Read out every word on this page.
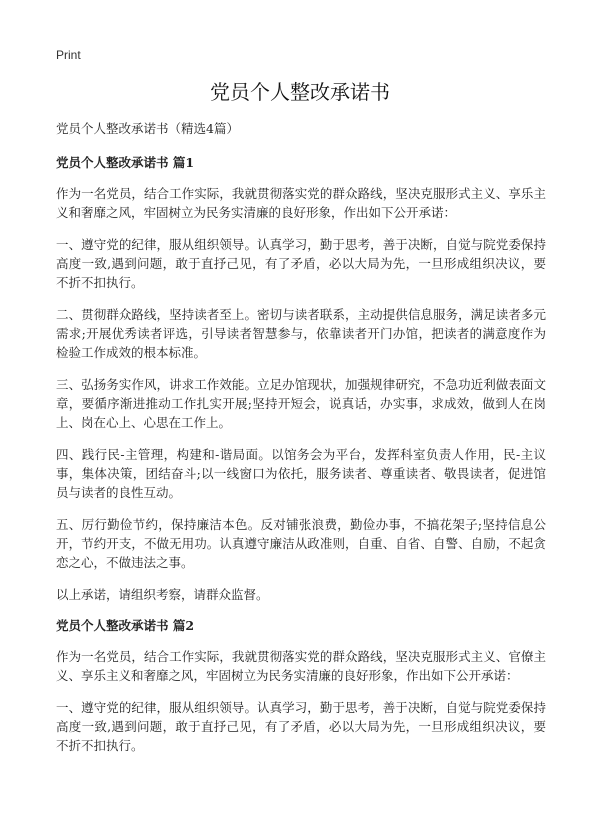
Print
党员个人整改承诺书

党员个人整改承诺书（精选4篇）

党员个人整改承诺书 篇1

作为一名党员，结合工作实际，我就贯彻落实党的群众路线，坚决克服形式主义、享乐主义和奢靡之风，牢固树立为民务实清廉的良好形象，作出如下公开承诺：

一、遵守党的纪律，服从组织领导。认真学习，勤于思考，善于决断，自觉与院党委保持高度一致,遇到问题，敢于直抒己见，有了矛盾，必以大局为先，一旦形成组织决议，要不折不扣执行。

二、贯彻群众路线，坚持读者至上。密切与读者联系，主动提供信息服务，满足读者多元需求;开展优秀读者评选，引导读者智慧参与，依靠读者开门办馆，把读者的满意度作为检验工作成效的根本标准。

三、弘扬务实作风，讲求工作效能。立足办馆现状，加强规律研究，不急功近利做表面文章，要循序渐进推动工作扎实开展;坚持开短会，说真话，办实事，求成效，做到人在岗上、岗在心上、心思在工作上。

四、践行民-主管理，构建和-谐局面。以馆务会为平台，发挥科室负责人作用，民-主议事，集体决策，团结奋斗;以一线窗口为依托，服务读者、尊重读者、敬畏读者，促进馆员与读者的良性互动。

五、厉行勤俭节约，保持廉洁本色。反对铺张浪费，勤俭办事，不搞花架子;坚持信息公开，节约开支，不做无用功。认真遵守廉洁从政准则，自重、自省、自警、自励，不起贪恋之心，不做违法之事。

以上承诺，请组织考察，请群众监督。

党员个人整改承诺书 篇2

作为一名党员，结合工作实际，我就贯彻落实党的群众路线，坚决克服形式主义、官僚主义、享乐主义和奢靡之风，牢固树立为民务实清廉的良好形象，作出如下公开承诺：

一、遵守党的纪律，服从组织领导。认真学习，勤于思考，善于决断，自觉与院党委保持高度一致,遇到问题，敢于直抒己见，有了矛盾，必以大局为先，一旦形成组织决议，要不折不扣执行。
